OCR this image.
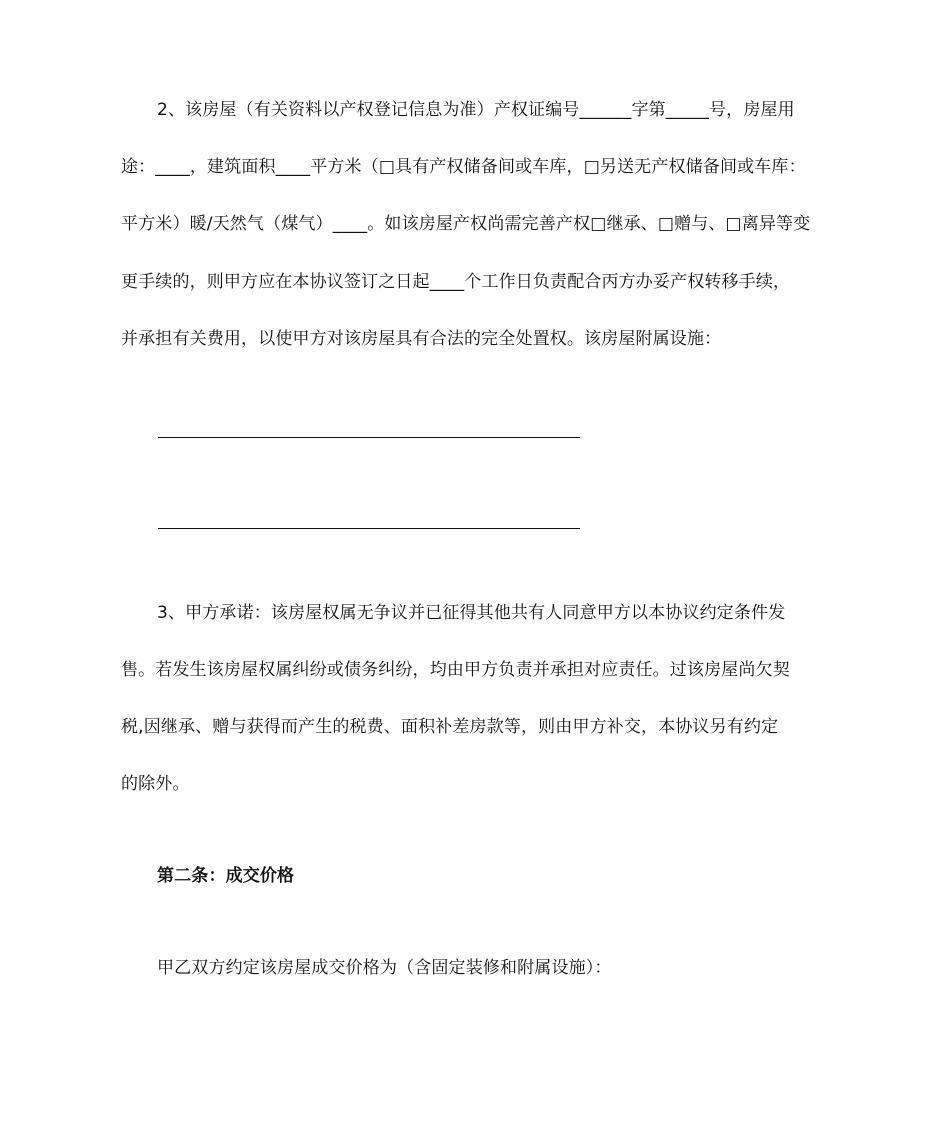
2、该房屋（有关资料以产权登记信息为准）产权证编号______字第_____号，房屋用
途：____，建筑面积____平方米（□具有产权储备间或车库，□另送无产权储备间或车库：
平方米）暖/天然气（煤气）____。如该房屋产权尚需完善产权□继承、□赠与、□离异等变
更手续的，则甲方应在本协议签订之日起____个工作日负责配合丙方办妥产权转移手续，
并承担有关费用，以使甲方对该房屋具有合法的完全处置权。该房屋附属设施：
3、甲方承诺：该房屋权属无争议并已征得其他共有人同意甲方以本协议约定条件发
售。若发生该房屋权属纠纷或债务纠纷，均由甲方负责并承担对应责任。过该房屋尚欠契
税,因继承、赠与获得而产生的税费、面积补差房款等，则由甲方补交，本协议另有约定
的除外。
第二条：成交价格
甲乙双方约定该房屋成交价格为（含固定装修和附属设施）：
